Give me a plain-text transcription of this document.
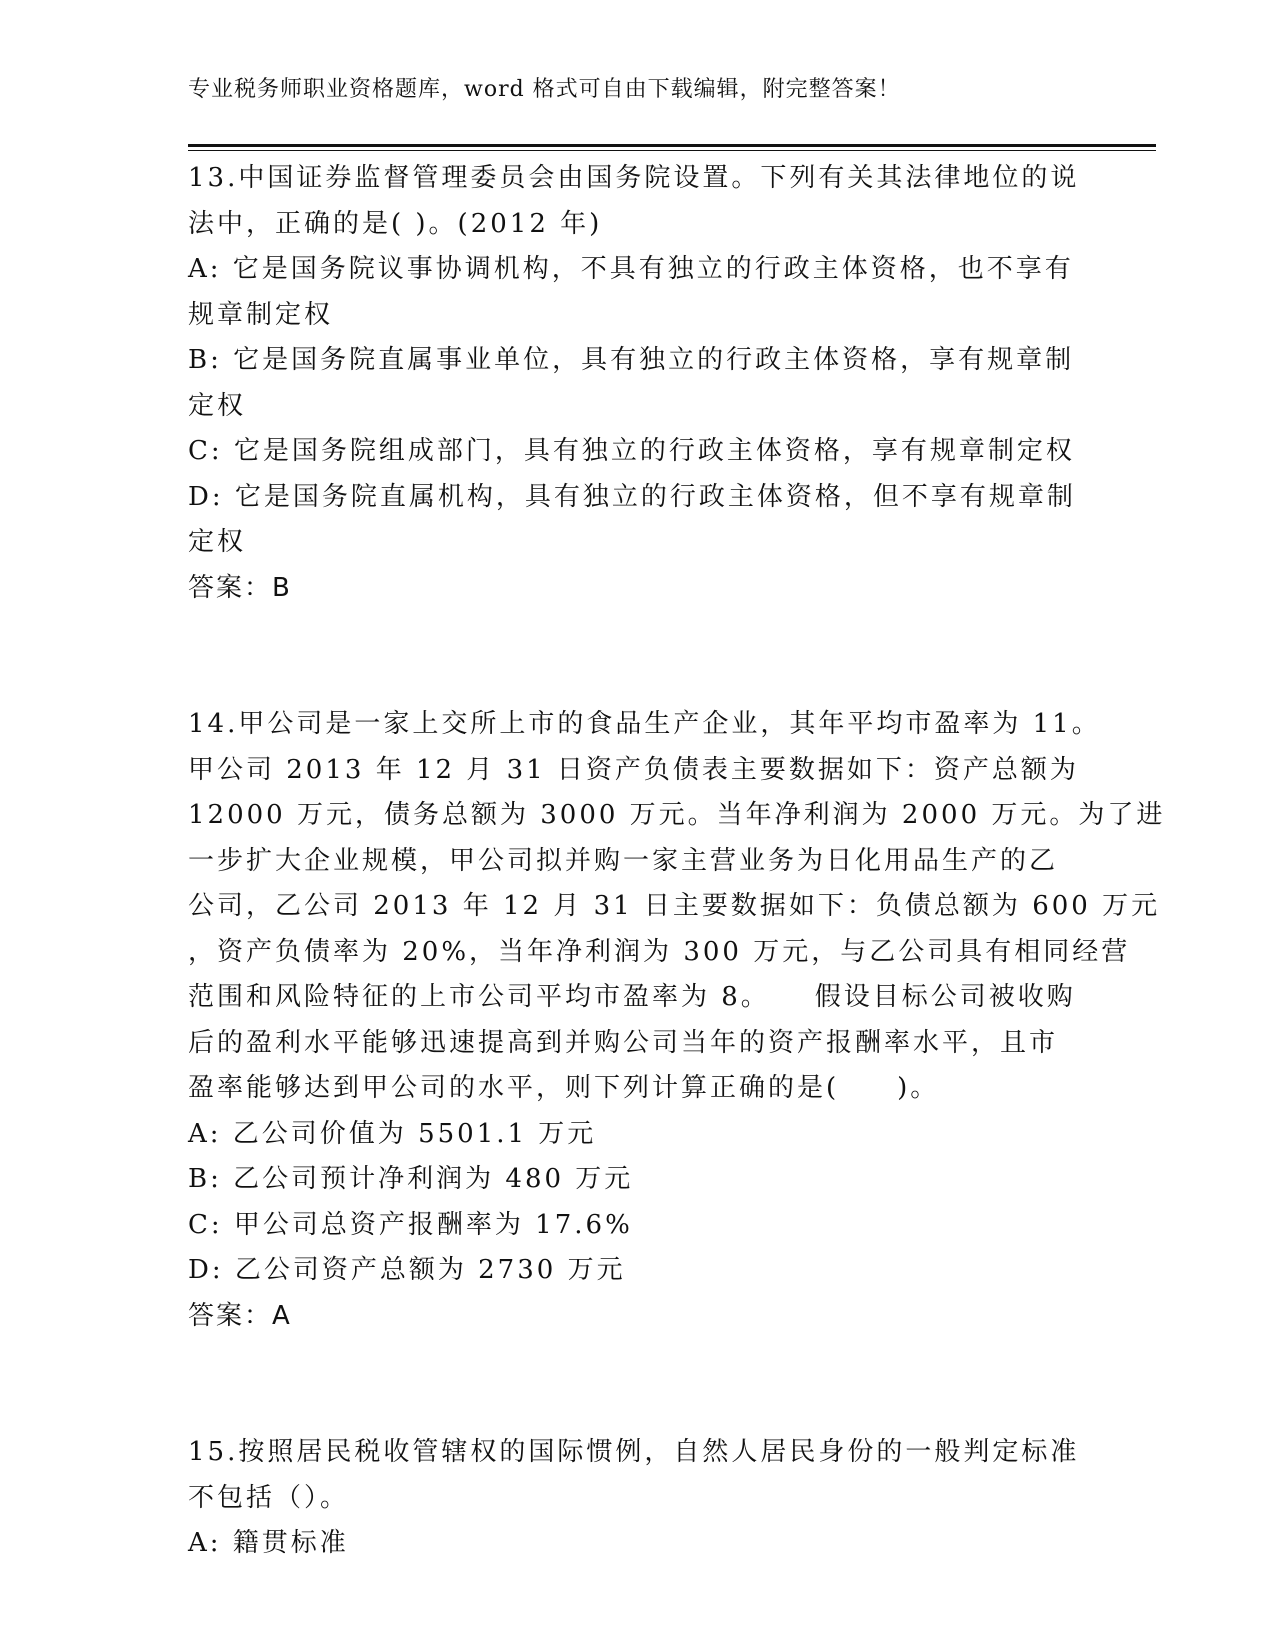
专业税务师职业资格题库，word 格式可自由下载编辑，附完整答案！
13.中国证券监督管理委员会由国务院设置。下列有关其法律地位的说
法中，正确的是( )。(2012 年)
A: 它是国务院议事协调机构，不具有独立的行政主体资格，也不享有
规章制定权
B: 它是国务院直属事业单位，具有独立的行政主体资格，享有规章制
定权
C: 它是国务院组成部门，具有独立的行政主体资格，享有规章制定权
D: 它是国务院直属机构，具有独立的行政主体资格，但不享有规章制
定权
答案：B
14.甲公司是一家上交所上市的食品生产企业，其年平均市盈率为 11。
甲公司 2013 年 12 月 31 日资产负债表主要数据如下：资产总额为
12000 万元，债务总额为 3000 万元。当年净利润为 2000 万元。为了进
一步扩大企业规模，甲公司拟并购一家主营业务为日化用品生产的乙
公司，乙公司 2013 年 12 月 31 日主要数据如下：负债总额为 600 万元
，资产负债率为 20%，当年净利润为 300 万元，与乙公司具有相同经营
范围和风险特征的上市公司平均市盈率为 8。　　假设目标公司被收购
后的盈利水平能够迅速提高到并购公司当年的资产报酬率水平，且市
盈率能够达到甲公司的水平，则下列计算正确的是(　　)。
A: 乙公司价值为 5501.1 万元
B: 乙公司预计净利润为 480 万元
C: 甲公司总资产报酬率为 17.6%
D: 乙公司资产总额为 2730 万元
答案：A
15.按照居民税收管辖权的国际惯例，自然人居民身份的一般判定标准
不包括（）。
A: 籍贯标准
